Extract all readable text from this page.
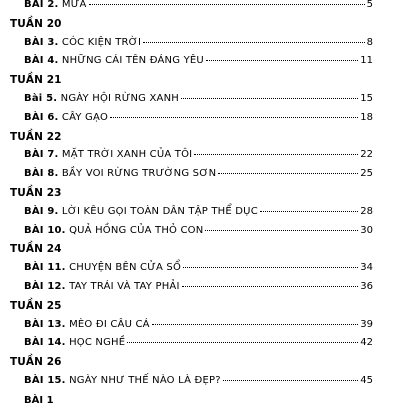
BÀI 2. MƯA	5
TUẦN 20
BÀI 3. CÓC KIỆN TRỜI	8
BÀI 4. NHỮNG CÁI TÊN ĐÁNG YÊU	11
TUẦN 21
Bài 5. NGÀY HỘI RỪNG XANH	15
BÀI 6. CÂY GẠO	18
TUẦN 22
BÀI 7. MẶT TRỜI XANH CỦA TÔI	22
BÀI 8. BẦY VOI RỪNG TRƯỜNG SƠN	25
TUẦN 23
BÀI 9. LỜI KÊU GỌI TOÀN DÂN TẬP THỂ DỤC	28
BÀI 10. QUẢ HỒNG CỦA THỎ CON	30
TUẦN 24
BÀI 11. CHUYỆN BÊN CỬA SỔ	34
BÀI 12. TAY TRÁI VÀ TAY PHẢI	36
TUẦN 25
BÀI 13. MÈO ĐI CÂU CÁ	39
BÀI 14. HỌC NGHỀ	42
TUẦN 26
BÀI 15. NGÀY NHƯ THẾ NÀO LÀ ĐẸP?	45
BÀI 1
